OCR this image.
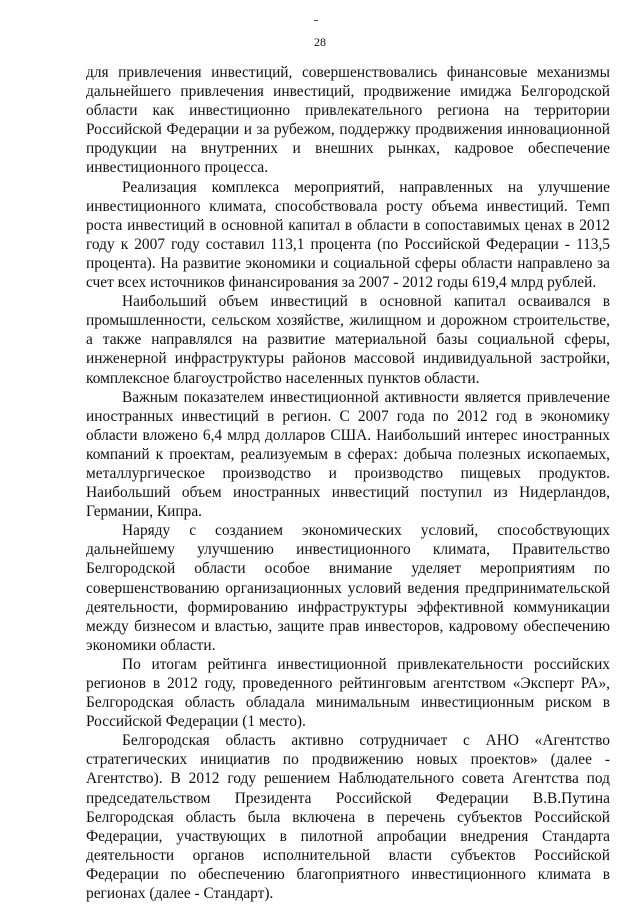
28

для привлечения инвестиций, совершенствовались финансовые механизмы дальнейшего привлечения инвестиций, продвижение имиджа Белгородской области как инвестиционно привлекательного региона на территории Российской Федерации и за рубежом, поддержку продвижения инновационной продукции на внутренних и внешних рынках, кадровое обеспечение инвестиционного процесса.

Реализация комплекса мероприятий, направленных на улучшение инвестиционного климата, способствовала росту объема инвестиций. Темп роста инвестиций в основной капитал в области в сопоставимых ценах в 2012 году к 2007 году составил 113,1 процента (по Российской Федерации - 113,5 процента). На развитие экономики и социальной сферы области направлено за счет всех источников финансирования за 2007 - 2012 годы 619,4 млрд рублей.

Наибольший объем инвестиций в основной капитал осваивался в промышленности, сельском хозяйстве, жилищном и дорожном строительстве, а также направлялся на развитие материальной базы социальной сферы, инженерной инфраструктуры районов массовой индивидуальной застройки, комплексное благоустройство населенных пунктов области.

Важным показателем инвестиционной активности является привлечение иностранных инвестиций в регион. С 2007 года по 2012 год в экономику области вложено 6,4 млрд долларов США. Наибольший интерес иностранных компаний к проектам, реализуемым в сферах: добыча полезных ископаемых, металлургическое производство и производство пищевых продуктов. Наибольший объем иностранных инвестиций поступил из Нидерландов, Германии, Кипра.

Наряду с созданием экономических условий, способствующих дальнейшему улучшению инвестиционного климата, Правительство Белгородской области особое внимание уделяет мероприятиям по совершенствованию организационных условий ведения предпринимательской деятельности, формированию инфраструктуры эффективной коммуникации между бизнесом и властью, защите прав инвесторов, кадровому обеспечению экономики области.

По итогам рейтинга инвестиционной привлекательности российских регионов в 2012 году, проведенного рейтинговым агентством «Эксперт РА», Белгородская область обладала минимальным инвестиционным риском в Российской Федерации (1 место).

Белгородская область активно сотрудничает с АНО «Агентство стратегических инициатив по продвижению новых проектов» (далее - Агентство). В 2012 году решением Наблюдательного совета Агентства под председательством Президента Российской Федерации В.В.Путина Белгородская область была включена в перечень субъектов Российской Федерации, участвующих в пилотной апробации внедрения Стандарта деятельности органов исполнительной власти субъектов Российской Федерации по обеспечению благоприятного инвестиционного климата в регионах (далее - Стандарт).
